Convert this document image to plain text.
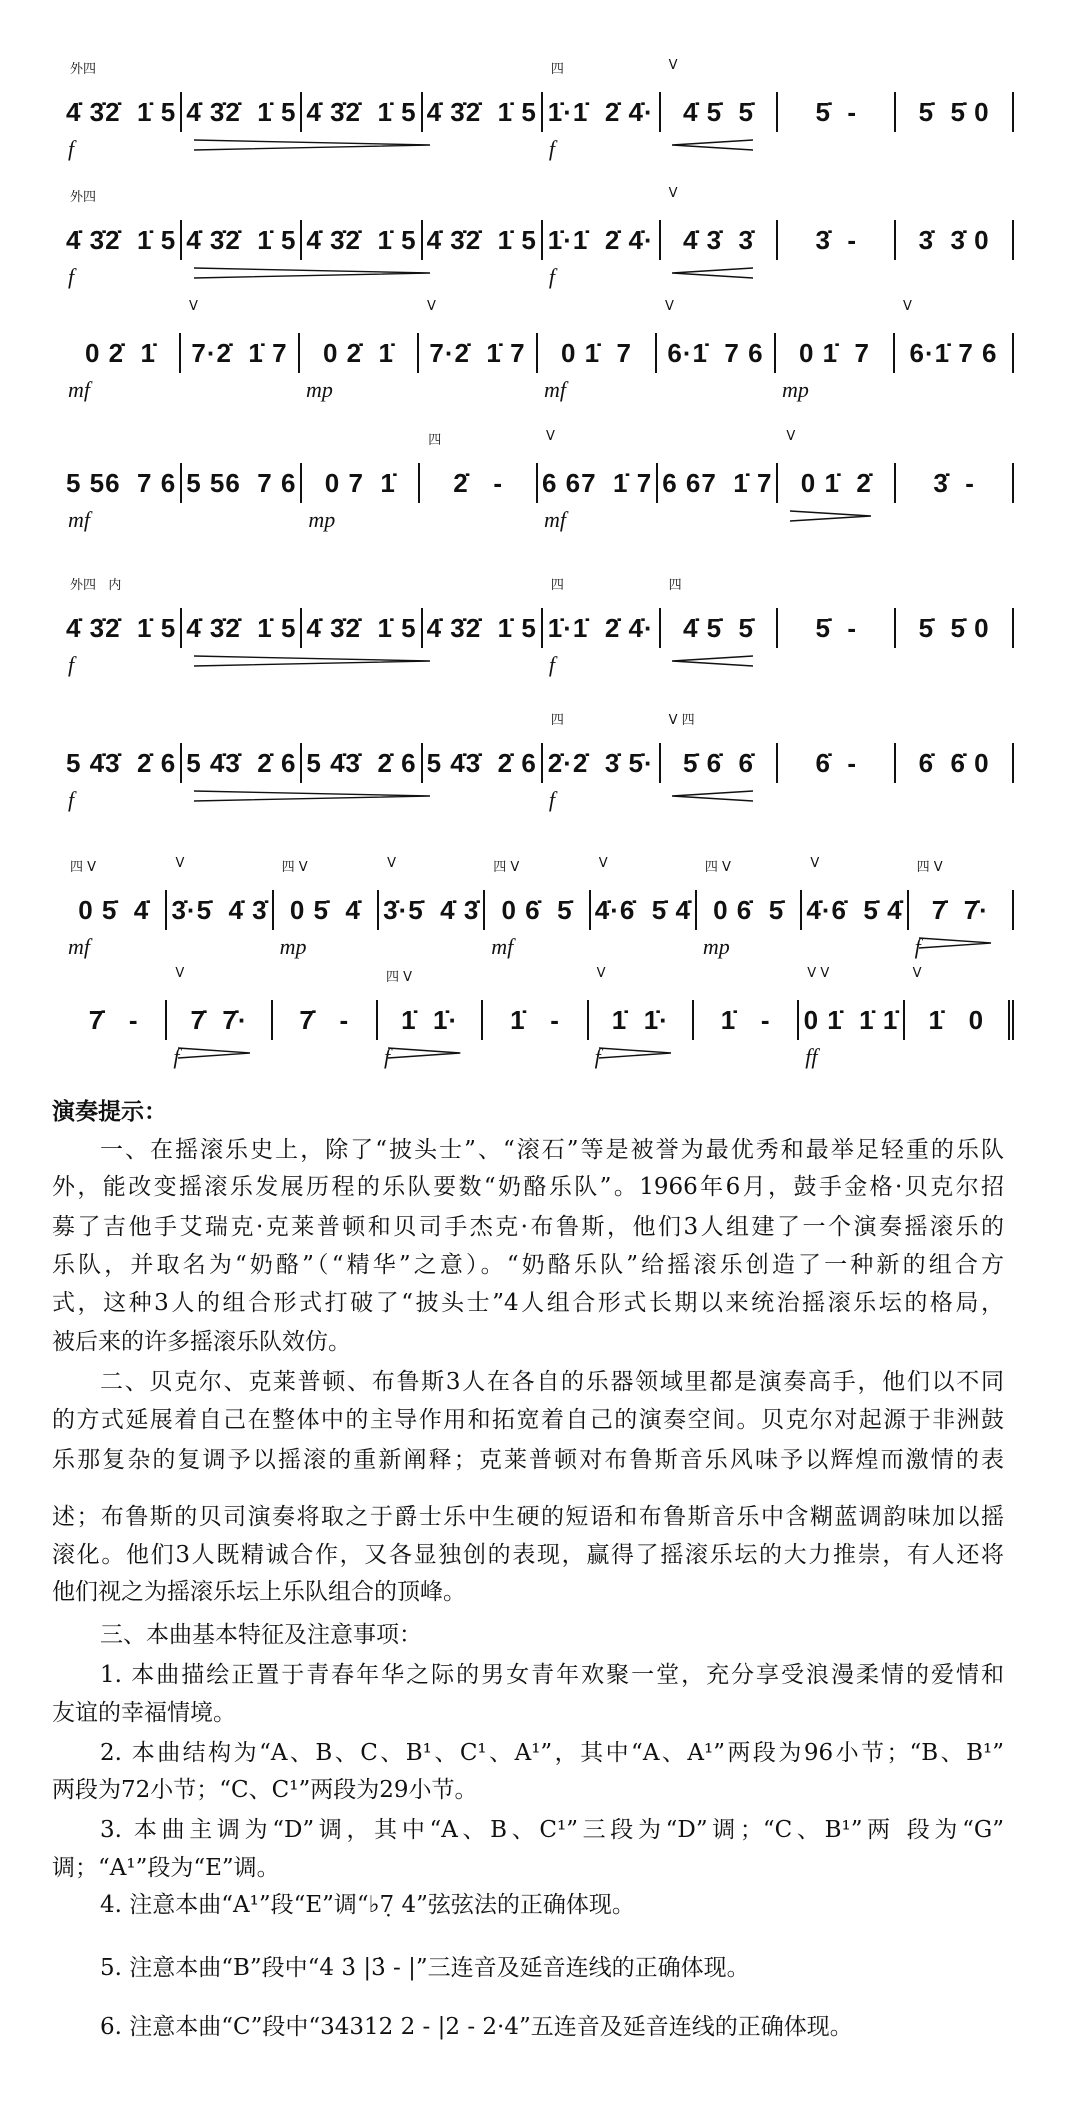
4̇ 3̇2̇  1̇ 5
f
外四
4̇ 3̇2̇  1̇ 5 4̇ 3̇2̇  1̇ 5 4̇ 3̇2̇  1̇ 5 1̇·1̇  2̇ 4̇·
f
四
4̇ 5̇  5̇
V
5̇  - 5̇  5̇ 0
4̇ 3̇2̇  1̇ 5
f
外四
4̇ 3̇2̇  1̇ 5 4̇ 3̇2̇  1̇ 5 4̇ 3̇2̇  1̇ 5 1̇·1̇  2̇ 4̇·
f
4̇ 3̇  3̇
V
3̇  - 3̇  3̇ 0
0 2̇  1̇
mf
7·2̇  1̇ 7
V
0 2̇  1̇
mp
7·2̇  1̇ 7
V
0 1̇  7
mf
6·1̇  7 6
V
0 1̇  7
mp
6·1̇ 7 6
V
5 56  7 6
mf
5 56  7 6 0 7  1̇
mp
2̇   -
四
6 67  1̇ 7
mf
V
6 67  1̇ 7 0 1̇  2̇
V
3̇  -
4̇ 3̇2̇  1̇ 5
f
外四   内
4̇ 3̇2̇  1̇ 5 4̇ 3̇2̇  1̇ 5 4̇ 3̇2̇  1̇ 5 1̇·1̇  2̇ 4̇·
f
四
4̇ 5̇  5̇
四
5̇  - 5̇  5̇ 0
5 4̇3̇  2̇ 6
f
5 4̇3̇  2̇ 6 5 4̇3̇  2̇ 6 5 4̇3̇  2̇ 6 2̇·2̇  3̇ 5̇·
f
四
5̇ 6̇  6̇
V 四
6̇  - 6̇  6̇ 0
0 5̇  4̇
mf
四 V
3̇·5̇  4̇ 3̇
V
0 5̇  4̇
mp
四 V
3̇·5̇  4̇ 3̇
V
0 6̇  5̇
mf
四 V
4̇·6̇  5̇ 4̇
V
0 6̇  5̇
mp
四 V
4̇·6̇  5̇ 4̇
V
7̇  7̇·
f
四 V
7̇   - 7̇  7̇·
f
V
7̇   - 1̇  1̇·
f
四 V
1̇   - 1̇  1̇·
f
V
1̇   - 0 1̇  1̇ 1̇
ff
V V
1̇   0
V
演奏提示：
一、在摇滚乐史上，除了“披头士”、“滚石”等是被誉为最优秀和最举足轻重的乐队
外，能改变摇滚乐发展历程的乐队要数“奶酪乐队”。1966年6月，鼓手金格·贝克尔招
募了吉他手艾瑞克·克莱普顿和贝司手杰克·布鲁斯，他们3人组建了一个演奏摇滚乐的
乐队，并取名为“奶酪”（“精华”之意）。“奶酪乐队”给摇滚乐创造了一种新的组合方
式，这种3人的组合形式打破了“披头士”4人组合形式长期以来统治摇滚乐坛的格局，
被后来的许多摇滚乐队效仿。
二、贝克尔、克莱普顿、布鲁斯3人在各自的乐器领域里都是演奏高手，他们以不同
的方式延展着自己在整体中的主导作用和拓宽着自己的演奏空间。贝克尔对起源于非洲鼓
乐那复杂的复调予以摇滚的重新阐释；克莱普顿对布鲁斯音乐风味予以辉煌而激情的表
述；布鲁斯的贝司演奏将取之于爵士乐中生硬的短语和布鲁斯音乐中含糊蓝调韵味加以摇
滚化。他们3人既精诚合作，又各显独创的表现，赢得了摇滚乐坛的大力推崇，有人还将
他们视之为摇滚乐坛上乐队组合的顶峰。
三、本曲基本特征及注意事项：
1. 本曲描绘正置于青春年华之际的男女青年欢聚一堂，充分享受浪漫柔情的爱情和
友谊的幸福情境。
2. 本曲结构为“A、B、C、B¹、C¹、A¹”，其中“A、A¹”两段为96小节；“B、B¹”
两段为72小节；“C、C¹”两段为29小节。
3. 本曲主调为“D”调，其中“A、B、C¹”三段为“D”调；“C、B¹”两 段为“G”
调；“A¹”段为“E”调。
4. 注意本曲“A¹”段“E”调“♭7̣ 4”弦弦法的正确体现。
5. 注意本曲“B”段中“4̇ 3̇ |3̇ - |”三连音及延音连线的正确体现。
6. 注意本曲“C”段中“34312 2 - |2 - 2·4”五连音及延音连线的正确体现。
